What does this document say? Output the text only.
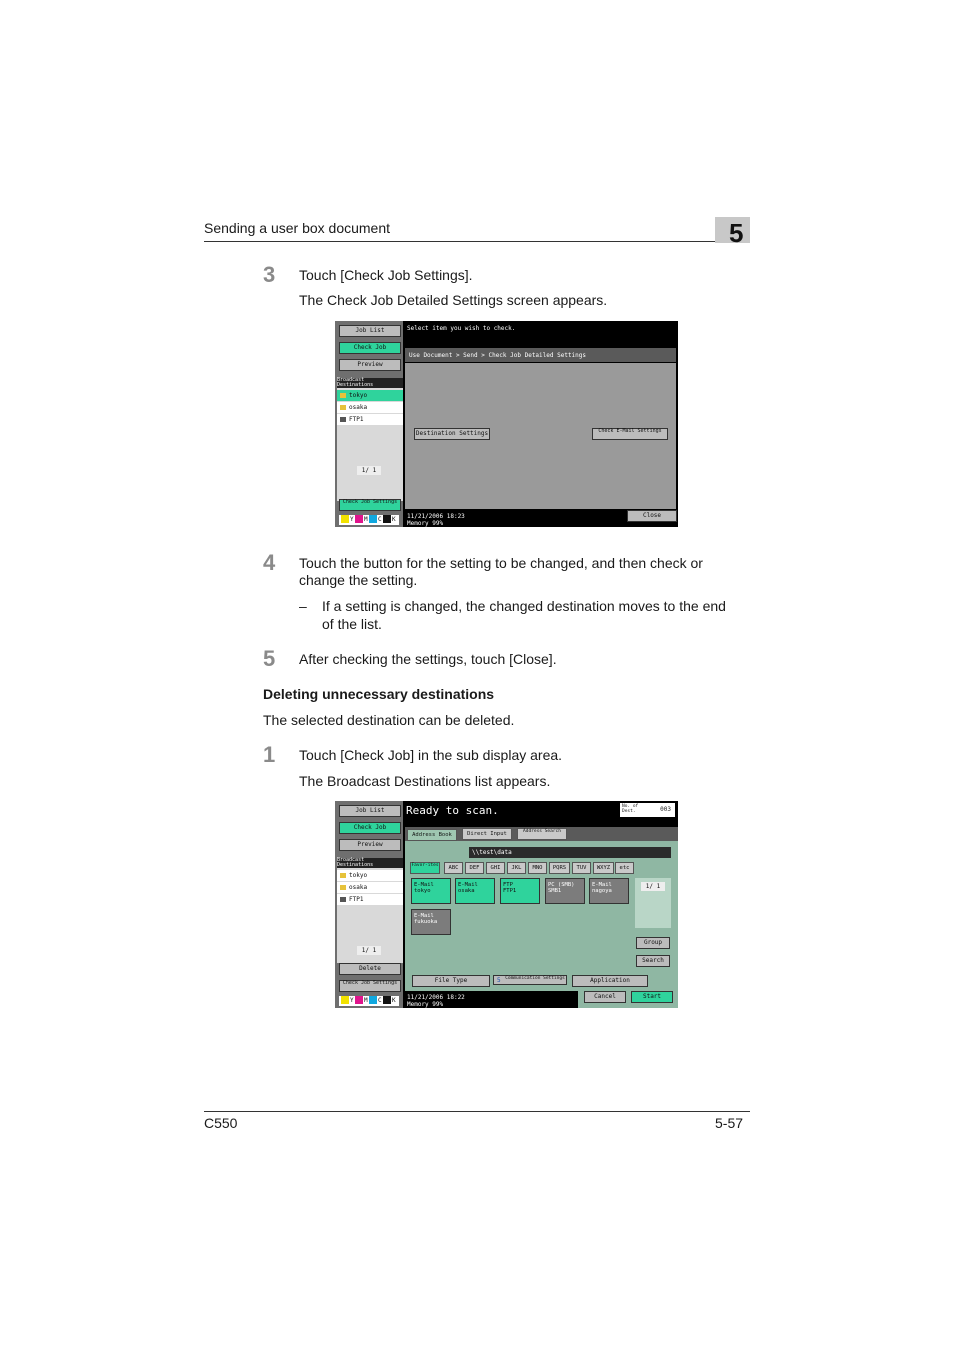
Sending a user box document	5
3 Touch [Check Job Settings].
The Check Job Detailed Settings screen appears.
Job List
Check Job
Preview
Broadcast Destinations
tokyo
osaka
FTP1
1/ 1
Check Job Settings
Y M C K
Select item you wish to check.
Use Document > Send > Check Job Detailed Settings
Destination Settings	Check E-Mail Settings
11/21/2006 18:23
Memory 99%
Close
4 Touch the button for the setting to be changed, and then check or
change the setting.
– If a setting is changed, the changed destination moves to the end
of the list.
5 After checking the settings, touch [Close].
Deleting unnecessary destinations
The selected destination can be deleted.
1 Touch [Check Job] in the sub display area.
The Broadcast Destinations list appears.
Job List
Check Job
Preview
Broadcast Destinations
tokyo
osaka
FTP1
1/ 1
Delete
Check Job Settings
Y M C K
Ready to scan.	No. of Dest.	003
Address Book	Direct Input	Address Search
\\test\data
Favor-ites	ABC	DEF	GHI	JKL	MNO	PQRS	TUV	WXYZ	etc
E-Mail
tokyo
E-Mail
osaka
FTP
FTP1
PC (SMB)
SMB1
E-Mail
nagoya
E-Mail
fukuoka
1/ 1
Group
Search
File Type	5 Communication Settings	Application
11/21/2006 18:22
Memory 99%
Cancel	Start
C550	5-57
